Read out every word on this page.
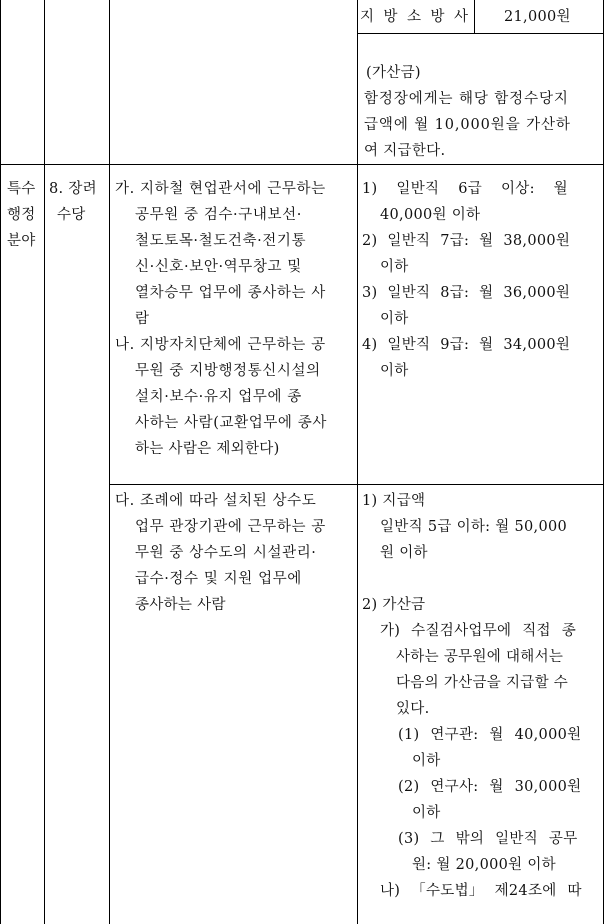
지 방 소 방 사 21,000원
(가산금)
함정장에게는 해당 함정수당지
급액에 월 10,000원을 가산하
여 지급한다.
특수
행정
분야
8. 장려
수당
가. 지하철 현업관서에 근무하는
공무원 중 검수·구내보선·
철도토목·철도건축·전기통
신·신호·보안·역무창고 및
열차승무 업무에 종사하는 사
람
나. 지방자치단체에 근무하는 공
무원 중 지방행정통신시설의
설치·보수·유지 업무에 종
사하는 사람(교환업무에 종사
하는 사람은 제외한다)
1) 일반직 6급 이상: 월
40,000원 이하
2) 일반직 7급: 월 38,000원
이하
3) 일반직 8급: 월 36,000원
이하
4) 일반직 9급: 월 34,000원
이하
다. 조례에 따라 설치된 상수도
업무 관장기관에 근무하는 공
무원 중 상수도의 시설관리·
급수·정수 및 지원 업무에
종사하는 사람
1) 지급액
일반직 5급 이하: 월 50,000
원 이하
2) 가산금
가) 수질검사업무에 직접 종
사하는 공무원에 대해서는
다음의 가산금을 지급할 수
있다.
(1) 연구관: 월 40,000원
이하
(2) 연구사: 월 30,000원
이하
(3) 그 밖의 일반직 공무
원: 월 20,000원 이하
나) 「수도법」 제24조에 따
